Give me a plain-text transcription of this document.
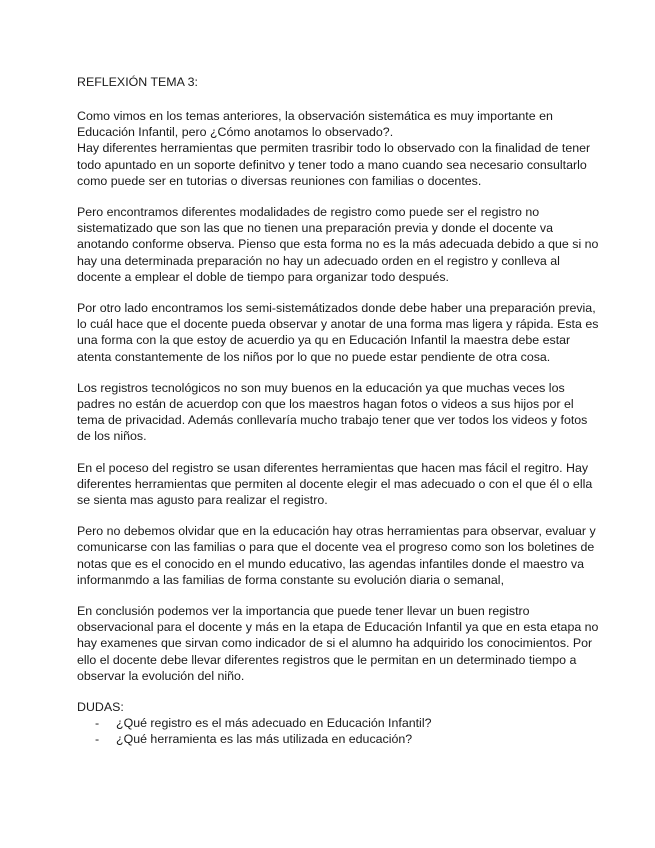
REFLEXIÓN TEMA 3:
Como vimos en los temas anteriores, la observación sistemática es muy importante en
Educación Infantil, pero ¿Cómo anotamos lo observado?.
Hay diferentes herramientas que permiten trasribir todo lo observado con la finalidad de tener
todo apuntado en un soporte definitvo y tener todo a mano cuando sea necesario consultarlo
como puede ser en tutorias o diversas reuniones con familias o docentes.
Pero encontramos diferentes modalidades de registro como puede ser el registro no
sistematizado que son las que no tienen una preparación previa y donde el docente va
anotando conforme observa. Pienso que esta forma no es la más adecuada debido a que si no
hay una determinada preparación no hay un adecuado orden en el registro y conlleva al
docente a emplear el doble de tiempo para organizar todo después.
Por otro lado encontramos los semi-sistemátizados donde debe haber una preparación previa,
lo cuál hace que el docente pueda observar y anotar de una forma mas ligera y rápida. Esta es
una forma con la que estoy de acuerdio ya qu en Educación Infantil la maestra debe estar
atenta constantemente de los niños por lo que no puede estar pendiente de otra cosa.
Los registros tecnológicos no son muy buenos en la educación ya que muchas veces los
padres no están de acuerdop con que los maestros hagan fotos o videos a sus hijos por el
tema de privacidad. Además conllevaría mucho trabajo tener que ver todos los videos y fotos
de los niños.
En el poceso del registro se usan diferentes herramientas que hacen mas fácil el regitro. Hay
diferentes herramientas que permiten al docente elegir el mas adecuado o con el que él o ella
se sienta mas agusto para realizar el registro.
Pero no debemos olvidar que en la educación hay otras herramientas para observar, evaluar y
comunicarse con las familias o para que el docente vea el progreso como son los boletines de
notas que es el conocido en el mundo educativo, las agendas infantiles donde el maestro va
informanmdo a las familias de forma constante su evolución diaria o semanal,
En conclusión podemos ver la importancia que puede tener llevar un buen registro
observacional para el docente y más en la etapa de Educación Infantil ya que en esta etapa no
hay examenes que sirvan como indicador de si el alumno ha adquirido los conocimientos. Por
ello el docente debe llevar diferentes registros que le permitan en un determinado tiempo a
observar la evolución del niño.
DUDAS:
- ¿Qué registro es el más adecuado en Educación Infantil?
- ¿Qué herramienta es las más utilizada en educación?
